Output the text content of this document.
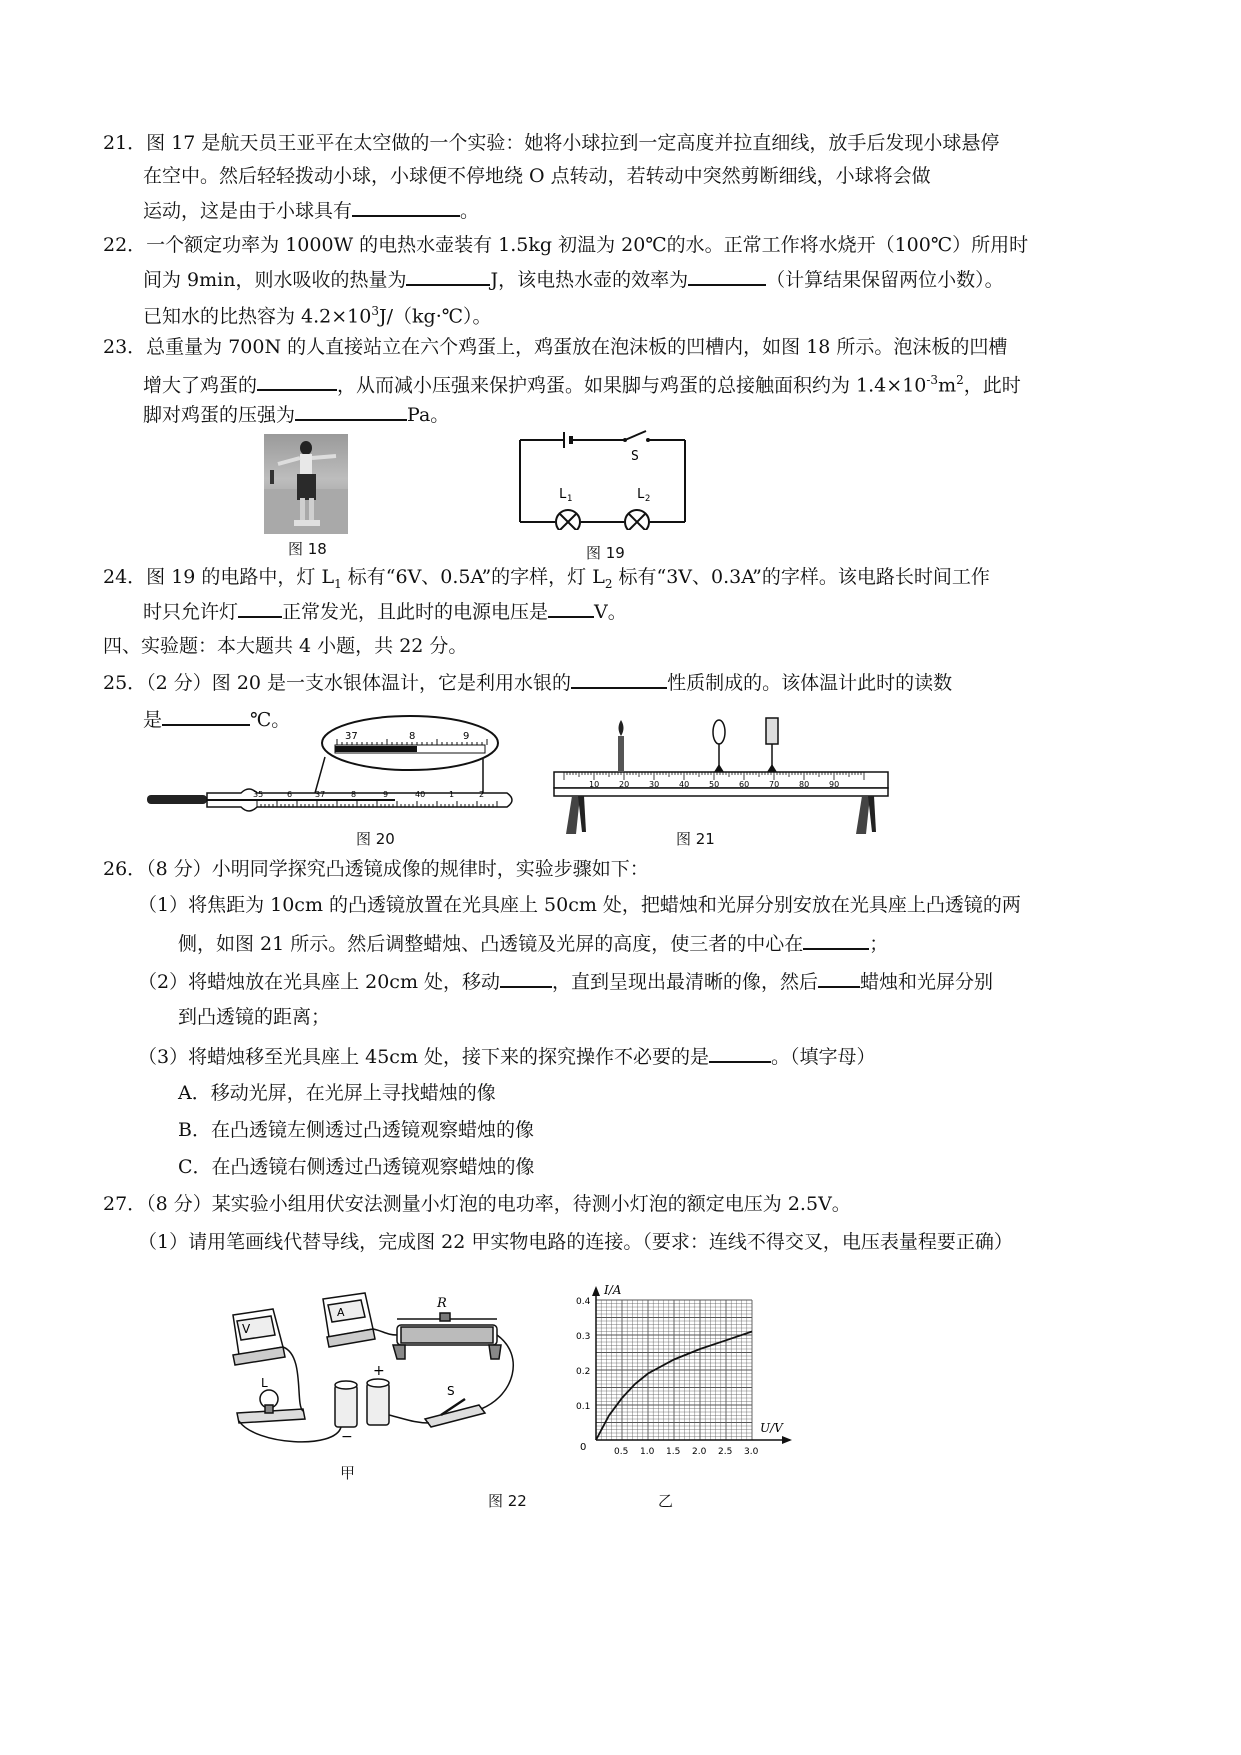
21．图 17 是航天员王亚平在太空做的一个实验：她将小球拉到一定高度并拉直细线，放手后发现小球悬停
在空中。然后轻轻拨动小球，小球便不停地绕 O 点转动，若转动中突然剪断细线，小球将会做
运动，这是由于小球具有	。
22．一个额定功率为 1000W 的电热水壶装有 1.5kg 初温为 20℃的水。正常工作将水烧开（100℃）所用时
间为 9min，则水吸收的热量为	J，该电热水壶的效率为	（计算结果保留两位小数）。
已知水的比热容为 $4.2\times 10^3J/(kg\cdot℃)$。
23．总重量为 700N 的人直接站立在六个鸡蛋上，鸡蛋放在泡沫板的凹槽内，如图 18 所示。泡沫板的凹槽
增大了鸡蛋的	，从而减小压强来保护鸡蛋。如果脚与鸡蛋的总接触面积约为 $1.4\times 10^{-3}m^2$，此时
脚对鸡蛋的压强为	Pa。
图 18
S
$L_1$	$L_2$
图 19
24．图 19 的电路中，灯 $L_1$ 标有“6V、0.5A”的字样，灯 $L_2$ 标有“3V、0.3A”的字样。该电路长时间工作
时只允许灯 正常发光，且此时的电源电压是 V。
四、实验题：本大题共 4 小题，共 22 分。
25．（2 分）图 20 是一支水银体温计，它是利用水银的	性质制成的。该体温计此时的读数
是	℃。
37	8	9
35	6	37	8	9	40	1	2
图 20
10 20 30 40 50 60 70 80 90
图 21
26．（8 分）小明同学探究凸透镜成像的规律时，实验步骤如下：
（1）将焦距为 10cm 的凸透镜放置在光具座上 50cm 处，把蜡烛和光屏分别安放在光具座上凸透镜的两
侧，如图 21 所示。然后调整蜡烛、凸透镜及光屏的高度，使三者的中心在	；
（2）将蜡烛放在光具座上 20cm 处，移动	，直到呈现出最清晰的像，然后 蜡烛和光屏分别
到凸透镜的距离；
（3）将蜡烛移至光具座上 45cm 处，接下来的探究操作不必要的是	。（填字母）
A．移动光屏，在光屏上寻找蜡烛的像
B．在凸透镜左侧透过凸透镜观察蜡烛的像
C．在凸透镜右侧透过凸透镜观察蜡烛的像
27．（8 分）某实验小组用伏安法测量小灯泡的电功率，待测小灯泡的额定电压为 2.5V。
（1）请用笔画线代替导线，完成图 22 甲实物电路的连接。（要求：连线不得交叉，电压表量程要正确）
V
A
R
L
+
−
S
甲
图 22
I/A
U/V
0
0.1
0.2
0.3
0.4
0.5 1.0 1.5 2.0 2.5 3.0
乙
